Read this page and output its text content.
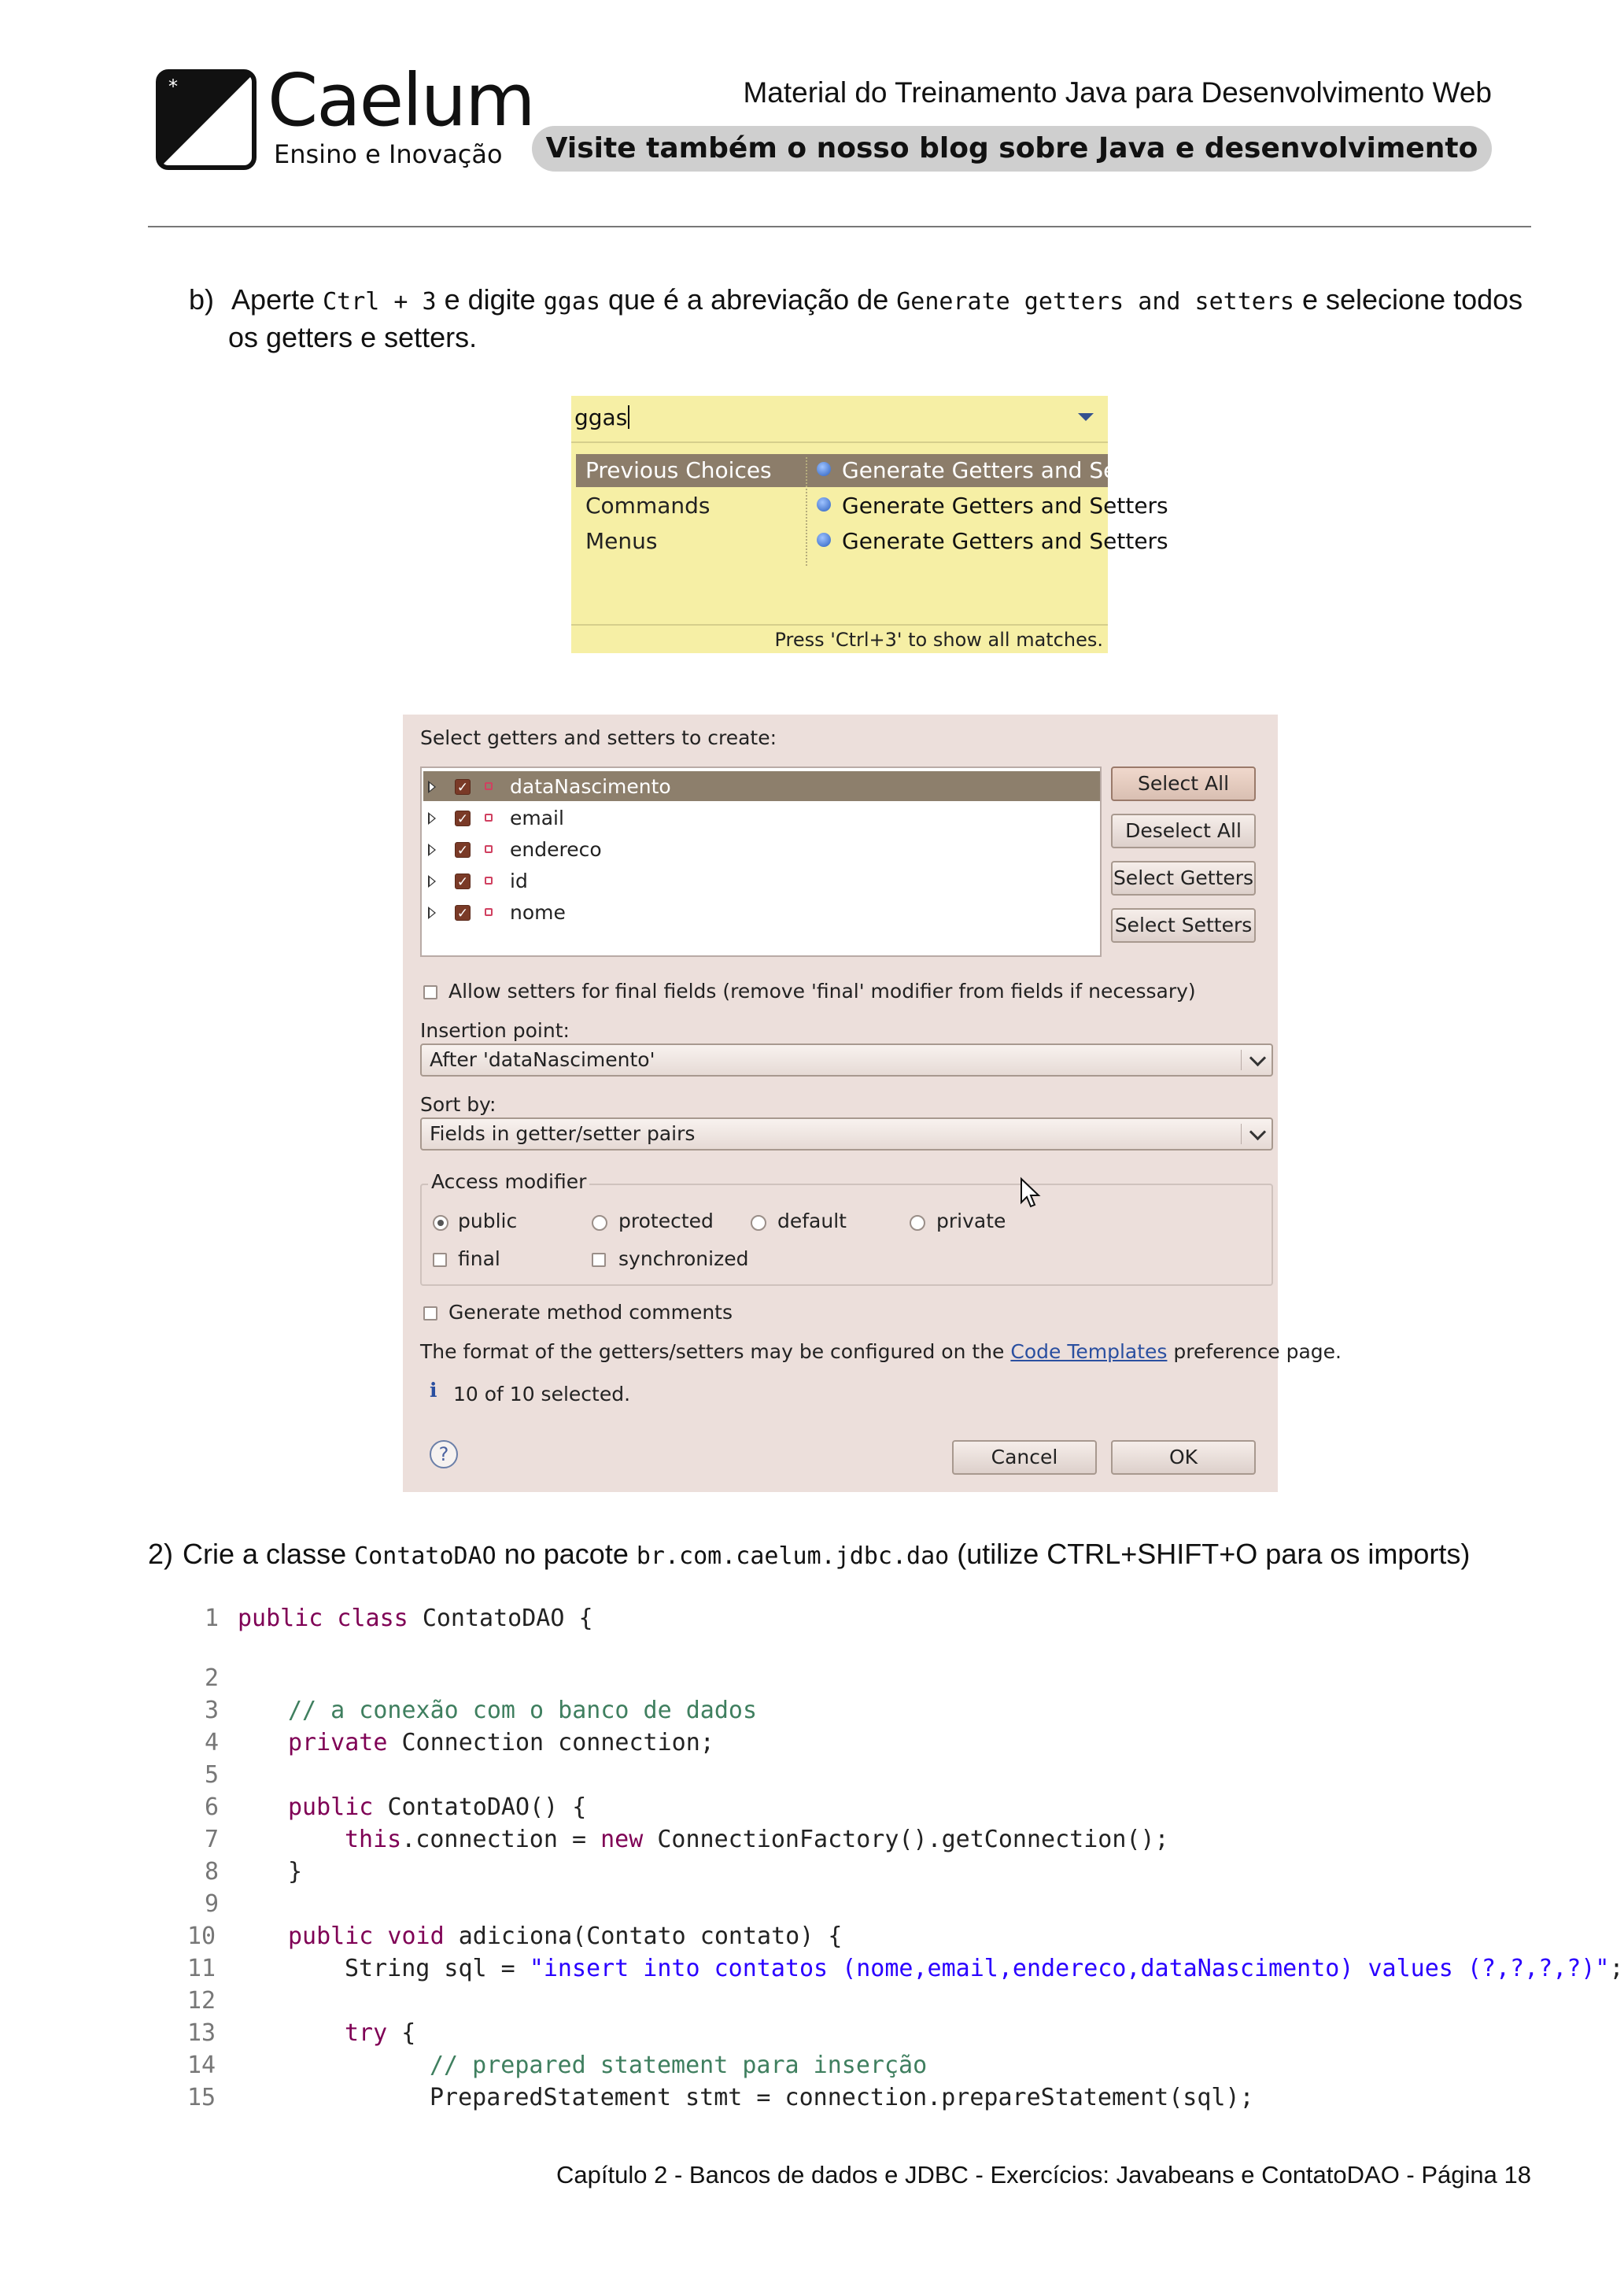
* Caelum
Ensino e Inovação
Material do Treinamento Java para Desenvolvimento Web
Visite também o nosso blog sobre Java e desenvolvimento
b) Aperte Ctrl + 3 e digite ggas que é a abreviação de Generate getters and setters e selecione todos
os getters e setters.
ggas
Previous Choices
Commands
Menus
Generate Getters and Setters
Generate Getters and Setters
Generate Getters and Setters
Press 'Ctrl+3' to show all matches.
Select getters and setters to create:
✓ dataNascimento
✓ email
✓ endereco
✓ id
✓ nome
Select All
Deselect All
Select Getters
Select Setters
Allow setters for final fields (remove 'final' modifier from fields if necessary)
Insertion point:
After 'dataNascimento'
Sort by:
Fields in getter/setter pairs
Access modifier
public	protected	default	private
final	synchronized
Generate method comments
The format of the getters/setters may be configured on the Code Templates preference page.
i 10 of 10 selected.
?	Cancel	OK
2) Crie a classe ContatoDAO no pacote br.com.caelum.jdbc.dao (utilize CTRL+SHIFT+O para os imports)
1 public class ContatoDAO {
2
3	// a conexão com o banco de dados
4	private Connection connection;
5
6	public ContatoDAO() {
7	this.connection = new ConnectionFactory().getConnection();
8	}
9
10	public void adiciona(Contato contato) {
11	String sql = "insert into contatos (nome,email,endereco,dataNascimento) values (?,?,?,?)";
12
13	try {
14	// prepared statement para inserção
15	PreparedStatement stmt = connection.prepareStatement(sql);
Capítulo 2 - Bancos de dados e JDBC - Exercícios: Javabeans e ContatoDAO - Página 18
